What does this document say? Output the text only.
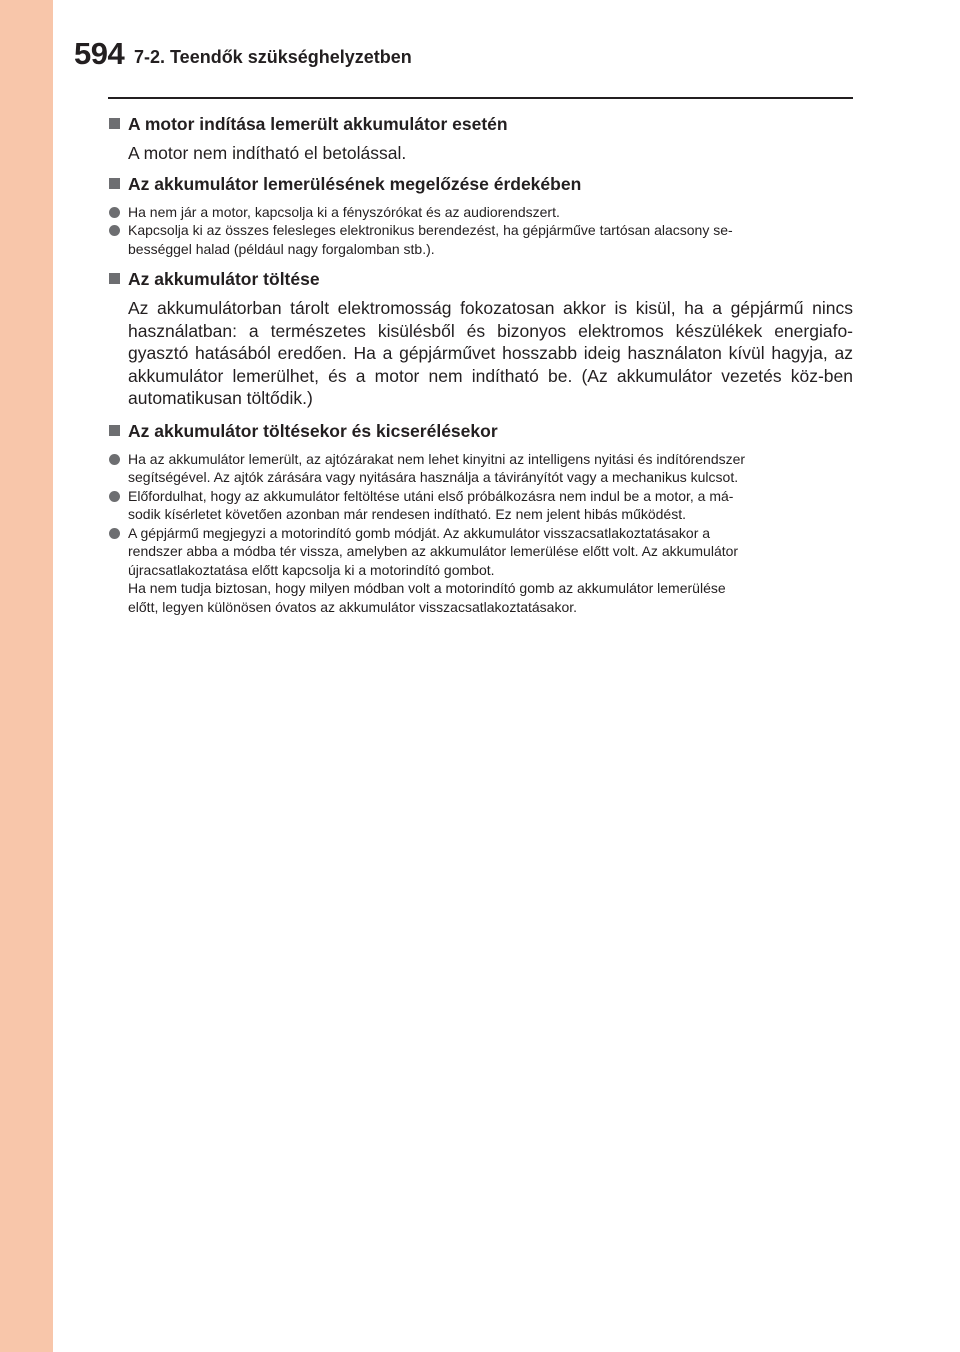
594 7-2. Teendők szükséghelyzetben
A motor indítása lemerült akkumulátor esetén

A motor nem indítható el betolással.

Az akkumulátor lemerülésének megelőzése érdekében
Ha nem jár a motor, kapcsolja ki a fényszórókat és az audiorendszert.
Kapcsolja ki az összes felesleges elektronikus berendezést, ha gépjárműve tartósan alacsony se-
bességgel halad (például nagy forgalomban stb.).
Az akkumulátor töltése

Az akkumulátorban tárolt elektromosság fokozatosan akkor is kisül, ha a gépjármű nincs használatban: a természetes kisülésből és bizonyos elektromos készülékek energiafo-gyasztó hatásából eredően. Ha a gépjárművet hosszabb ideig használaton kívül hagyja, az akkumulátor lemerülhet, és a motor nem indítható be. (Az akkumulátor vezetés köz-ben automatikusan töltődik.)

Az akkumulátor töltésekor és kicserélésekor
Ha az akkumulátor lemerült, az ajtózárakat nem lehet kinyitni az intelligens nyitási és indítórendszer
segítségével. Az ajtók zárására vagy nyitására használja a távirányítót vagy a mechanikus kulcsot.
Előfordulhat, hogy az akkumulátor feltöltése utáni első próbálkozásra nem indul be a motor, a má-
sodik kísérletet követően azonban már rendesen indítható. Ez nem jelent hibás működést.
A gépjármű megjegyzi a motorindító gomb módját. Az akkumulátor visszacsatlakoztatásakor a
rendszer abba a módba tér vissza, amelyben az akkumulátor lemerülése előtt volt. Az akkumulátor
újracsatlakoztatása előtt kapcsolja ki a motorindító gombot.
Ha nem tudja biztosan, hogy milyen módban volt a motorindító gomb az akkumulátor lemerülése
előtt, legyen különösen óvatos az akkumulátor visszacsatlakoztatásakor.
